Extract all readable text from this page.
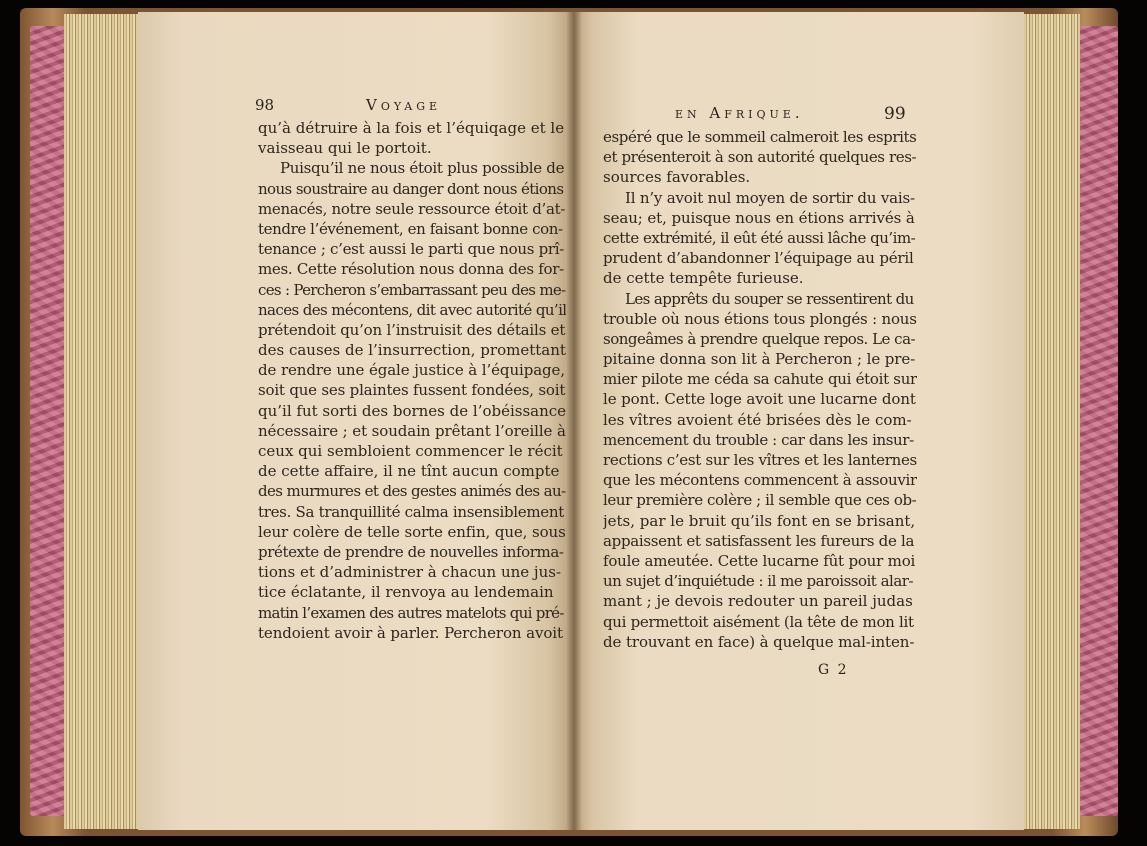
98	Voyage	en Afrique.	99
qu’à détruire à la fois et l’équiqage et le
vaisseau qui le portoit.
Puisqu’il ne nous étoit plus possible de
nous soustraire au danger dont nous étions
menacés, notre seule ressource étoit d’at-
tendre l’événement, en faisant bonne con-
tenance ; c’est aussi le parti que nous prî-
mes. Cette résolution nous donna des for-
ces : Percheron s’embarrassant peu des me-
naces des mécontens, dit avec autorité qu’il
prétendoit qu’on l’instruisit des détails et
des causes de l’insurrection, promettant
de rendre une égale justice à l’équipage,
soit que ses plaintes fussent fondées, soit
qu’il fut sorti des bornes de l’obéissance
nécessaire ; et soudain prêtant l’oreille à
ceux qui sembloient commencer le récit
de cette affaire, il ne tînt aucun compte
des murmures et des gestes animés des au-
tres. Sa tranquillité calma insensiblement
leur colère de telle sorte enfin, que, sous
prétexte de prendre de nouvelles informa-
tions et d’administrer à chacun une jus-
tice éclatante, il renvoya au lendemain
matin l’examen des autres matelots qui pré-
tendoient avoir à parler. Percheron avoit
espéré que le sommeil calmeroit les esprits
et présenteroit à son autorité quelques res-
sources favorables.
Il n’y avoit nul moyen de sortir du vais-
seau; et, puisque nous en étions arrivés à
cette extrémité, il eût été aussi lâche qu’im-
prudent d’abandonner l’équipage au péril
de cette tempête furieuse.
Les apprêts du souper se ressentirent du
trouble où nous étions tous plongés : nous
songeâmes à prendre quelque repos. Le ca-
pitaine donna son lit à Percheron ; le pre-
mier pilote me céda sa cahute qui étoit sur
le pont. Cette loge avoit une lucarne dont
les vîtres avoient été brisées dès le com-
mencement du trouble : car dans les insur-
rections c’est sur les vîtres et les lanternes
que les mécontens commencent à assouvir
leur première colère ; il semble que ces ob-
jets, par le bruit qu’ils font en se brisant,
appaissent et satisfassent les fureurs de la
foule ameutée. Cette lucarne fût pour moi
un sujet d’inquiétude : il me paroissoit alar-
mant ; je devois redouter un pareil judas
qui permettoit aisément (la tête de mon lit
de trouvant en face) à quelque mal-inten-
G 2
